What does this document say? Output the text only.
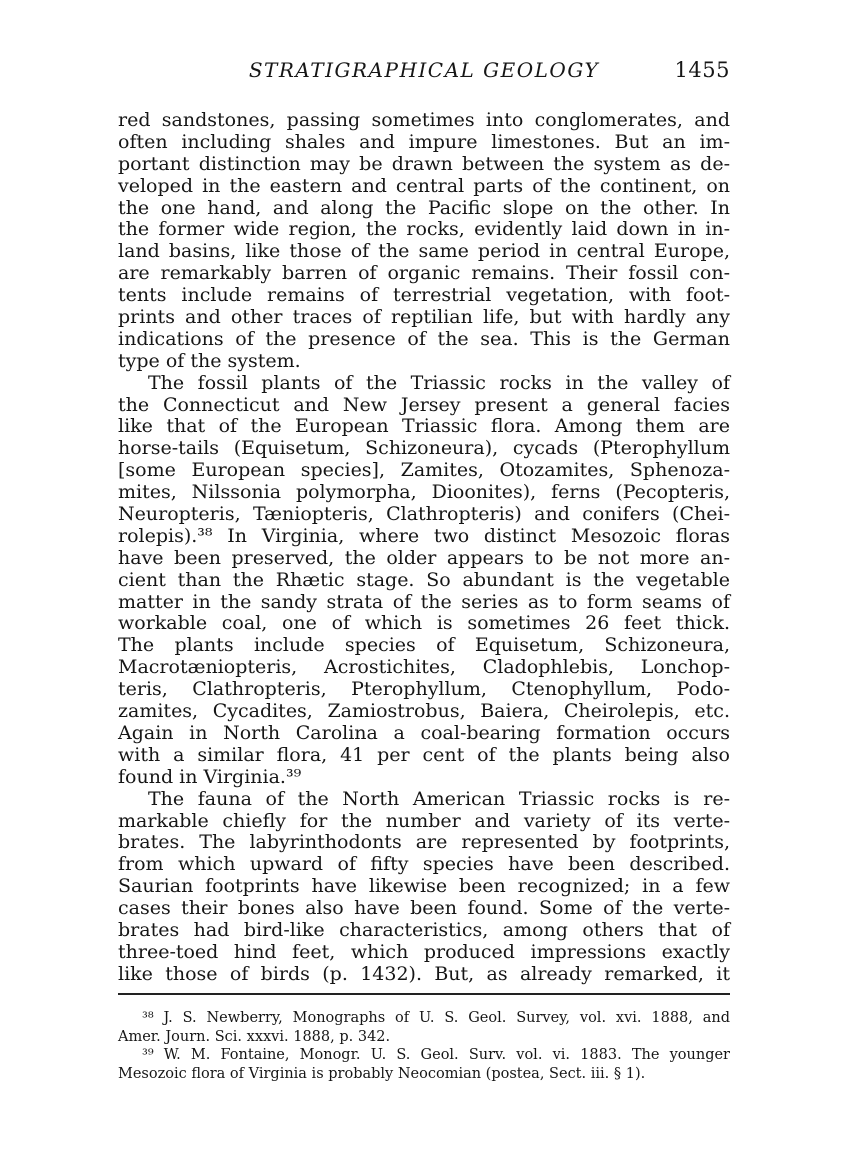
STRATIGRAPHICAL GEOLOGY	1455
red sandstones, passing sometimes into conglomerates, and
often including shales and impure limestones. But an im-
portant distinction may be drawn between the system as de-
veloped in the eastern and central parts of the continent, on
the one hand, and along the Pacific slope on the other. In
the former wide region, the rocks, evidently laid down in in-
land basins, like those of the same period in central Europe,
are remarkably barren of organic remains. Their fossil con-
tents include remains of terrestrial vegetation, with foot-
prints and other traces of reptilian life, but with hardly any
indications of the presence of the sea. This is the German
type of the system.
The fossil plants of the Triassic rocks in the valley of
the Connecticut and New Jersey present a general facies
like that of the European Triassic flora. Among them are
horse-tails (Equisetum, Schizoneura), cycads (Pterophyllum
[some European species], Zamites, Otozamites, Sphenoza-
mites, Nilssonia polymorpha, Dioonites), ferns (Pecopteris,
Neuropteris, Tæniopteris, Clathropteris) and conifers (Chei-
rolepis).³⁸ In Virginia, where two distinct Mesozoic floras
have been preserved, the older appears to be not more an-
cient than the Rhætic stage. So abundant is the vegetable
matter in the sandy strata of the series as to form seams of
workable coal, one of which is sometimes 26 feet thick.
The plants include species of Equisetum, Schizoneura,
Macrotæniopteris, Acrostichites, Cladophlebis, Lonchop-
teris, Clathropteris, Pterophyllum, Ctenophyllum, Podo-
zamites, Cycadites, Zamiostrobus, Baiera, Cheirolepis, etc.
Again in North Carolina a coal-bearing formation occurs
with a similar flora, 41 per cent of the plants being also
found in Virginia.³⁹
The fauna of the North American Triassic rocks is re-
markable chiefly for the number and variety of its verte-
brates. The labyrinthodonts are represented by footprints,
from which upward of fifty species have been described.
Saurian footprints have likewise been recognized; in a few
cases their bones also have been found. Some of the verte-
brates had bird-like characteristics, among others that of
three-toed hind feet, which produced impressions exactly
like those of birds (p. 1432). But, as already remarked, it
³⁸ J. S. Newberry, Monographs of U. S. Geol. Survey, vol. xvi. 1888, and
Amer. Journ. Sci. xxxvi. 1888, p. 342.
³⁹ W. M. Fontaine, Monogr. U. S. Geol. Surv. vol. vi. 1883. The younger
Mesozoic flora of Virginia is probably Neocomian (postea, Sect. iii. § 1).
